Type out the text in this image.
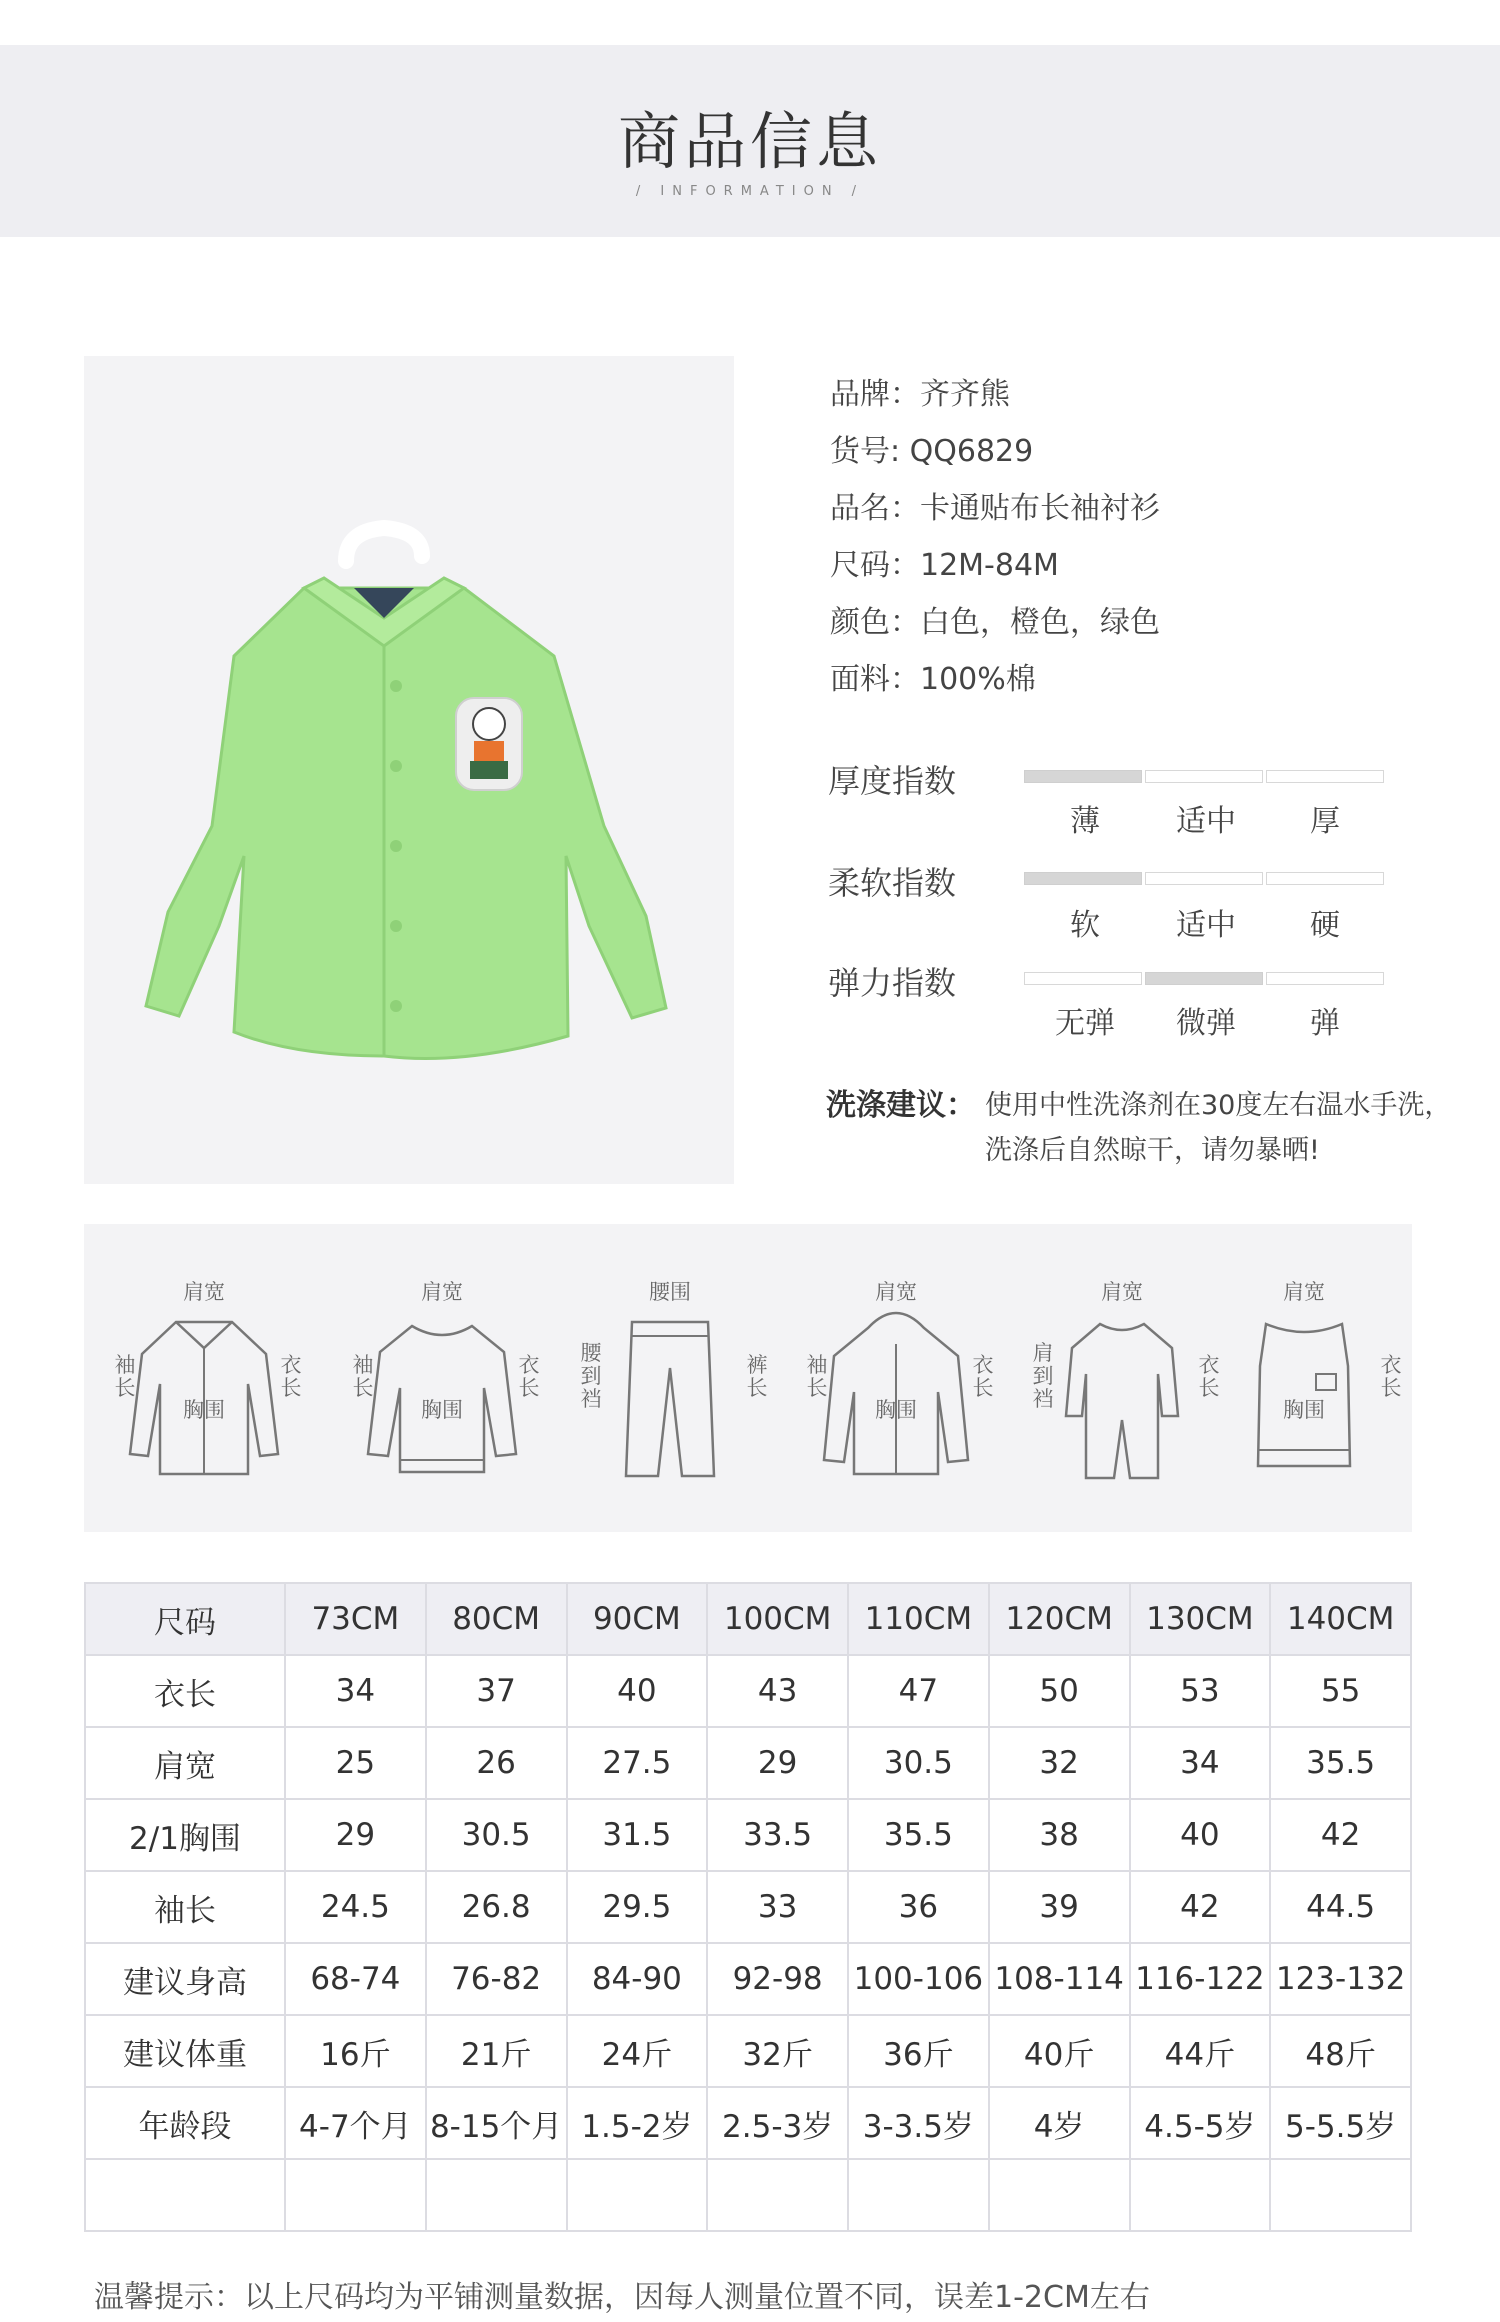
商品信息
/ INFORMATION /
品牌：齐齐熊
货号: QQ6829
品名：卡通贴布长袖衬衫
尺码：12M-84M
颜色：白色，橙色，绿色
面料：100%棉
厚度指数
薄	适中	厚
柔软指数
软	适中	硬
弹力指数
无弹	微弹	弹
洗涤建议： 使用中性洗涤剂在30度左右温水手洗，
洗涤后自然晾干，请勿暴晒!
肩宽
袖
长
衣
长
胸围
肩宽
袖
长
衣
长
胸围
腰围
腰
到
裆
裤
长
肩宽
袖
长
衣
长
胸围
肩宽
肩
到
裆
衣
长
肩宽
衣
长
胸围
尺码	73CM	80CM	90CM	100CM	110CM	120CM	130CM	140CM
衣长	34	37	40	43	47	50	53	55
肩宽	25	26	27.5	29	30.5	32	34	35.5
2/1胸围	29	30.5	31.5	33.5	35.5	38	40	42
袖长	24.5	26.8	29.5	33	36	39	42	44.5
建议身高	68-74	76-82	84-90	92-98	100-106	108-114	116-122	123-132
建议体重	16斤	21斤	24斤	32斤	36斤	40斤	44斤	48斤
年龄段	4-7个月	8-15个月	1.5-2岁	2.5-3岁	3-3.5岁	4岁	4.5-5岁	5-5.5岁

温馨提示：以上尺码均为平铺测量数据，因每人测量位置不同，误差1-2CM左右
